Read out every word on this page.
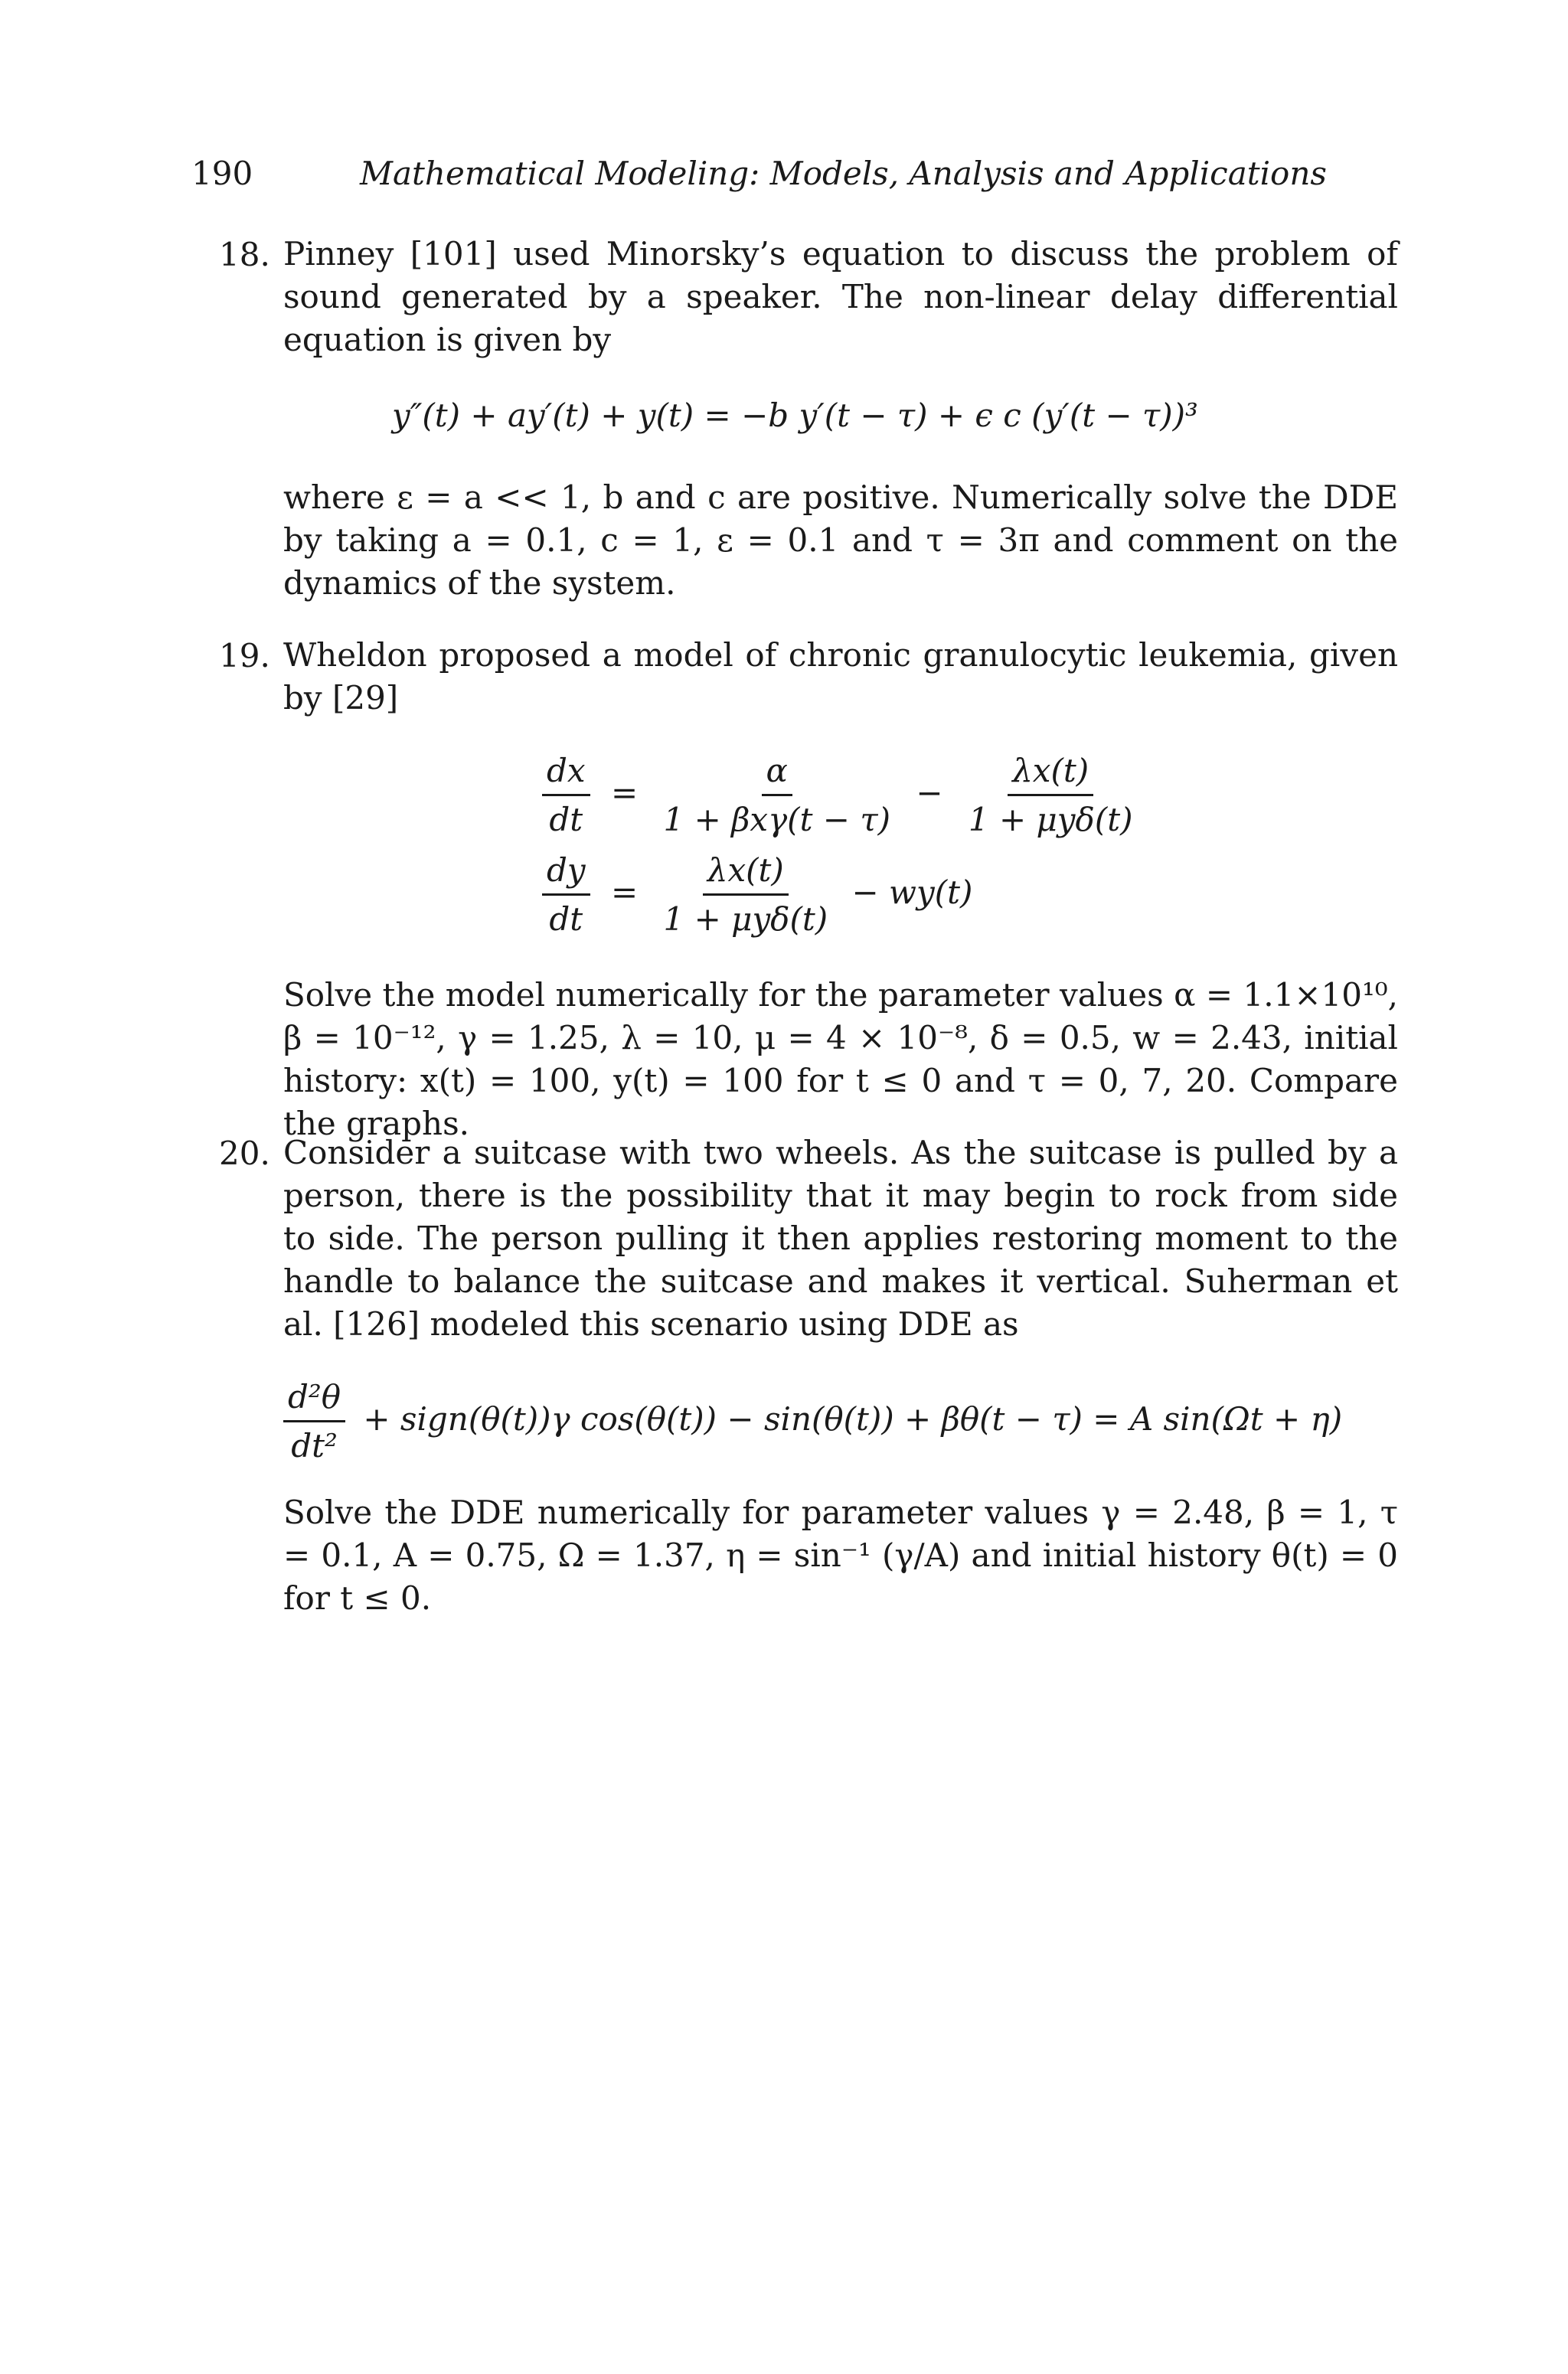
190	Mathematical Modeling: Models, Analysis and Applications
18. Pinney [101] used Minorsky’s equation to discuss the problem of sound generated by a speaker. The non-linear delay differential equation is given by
y″(t) + ay′(t) + y(t) = −b y′(t − τ) + ϵ c (y′(t − τ))³
where ε = a << 1, b and c are positive. Numerically solve the DDE by taking a = 0.1, c = 1, ε = 0.1 and τ = 3π and comment on the dynamics of the system.
19. Wheldon proposed a model of chronic granulocytic leukemia, given by [29]
$\frac{dx}{dt} = \frac{\alpha}{\text{1 + βxγ(t − τ)}} - \frac{\lambda x(t)}{\text{1 + μyδ(t)}}$
$\frac{dy}{dt} = \frac{\lambda x(t)}{\text{1 + μyδ(t)}} - wy(t)$
Solve the model numerically for the parameter values α = 1.1×10¹⁰, β = 10⁻¹², γ = 1.25, λ = 10, μ = 4 × 10⁻⁸, δ = 0.5, w = 2.43, initial history: x(t) = 100, y(t) = 100 for t ≤ 0 and τ = 0, 7, 20. Compare the graphs.
20. Consider a suitcase with two wheels. As the suitcase is pulled by a person, there is the possibility that it may begin to rock from side to side. The person pulling it then applies restoring moment to the handle to balance the suitcase and makes it vertical. Suherman et al. [126] modeled this scenario using DDE as
$\frac{\text{d²θ}}{\text{dt²}}$ + sign(θ(t))γ cos(θ(t)) − sin(θ(t)) + βθ(t − τ) = A sin(Ωt + η)
Solve the DDE numerically for parameter values γ = 2.48, β = 1, τ = 0.1, A = 0.75, Ω = 1.37, η = sin⁻¹ (γ/A) and initial history θ(t) = 0 for t ≤ 0.
